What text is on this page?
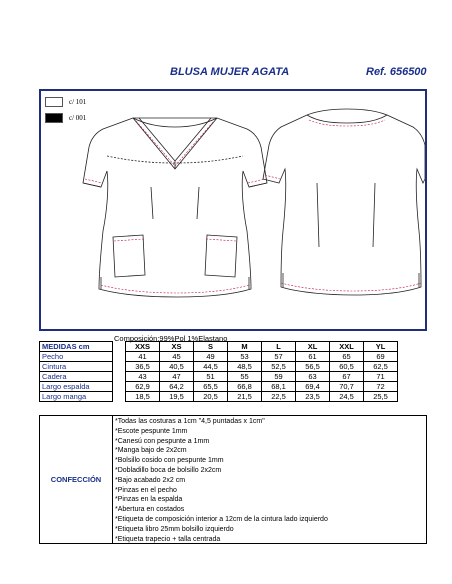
BLUSA MUJER AGATA	Ref. 656500
c/ 101
c/ 001
Composición:99%Pol 1%Elastano
MEDIDAS cm		XXS	XS	S	M	L	XL	XXL	YL
Pecho		41	45	49	53	57	61	65	69
Cintura		36,5	40,5	44,5	48,5	52,5	56,5	60,5	62,5
Cadera		43	47	51	55	59	63	67	71
Largo espalda		62,9	64,2	65,5	66,8	68,1	69,4	70,7	72
Largo manga		18,5	19,5	20,5	21,5	22,5	23,5	24,5	25,5
CONFECCIÓN
*Todas las costuras a 1cm "4,5 puntadas x 1cm"
*Escote pespunte 1mm
*Canesú con pespunte a 1mm
*Manga bajo de 2x2cm
*Bolsillo cosido con pespunte 1mm
*Dobladillo boca de bolsillo 2x2cm
*Bajo acabado 2x2 cm
*Pinzas en el pecho
*Pinzas en la espalda
*Abertura en costados
*Etiqueta de composición interior a 12cm de la cintura lado izquierdo
*Etiqueta libro 25mm bolsillo izquierdo
*Etiqueta trapecio + talla centrada
